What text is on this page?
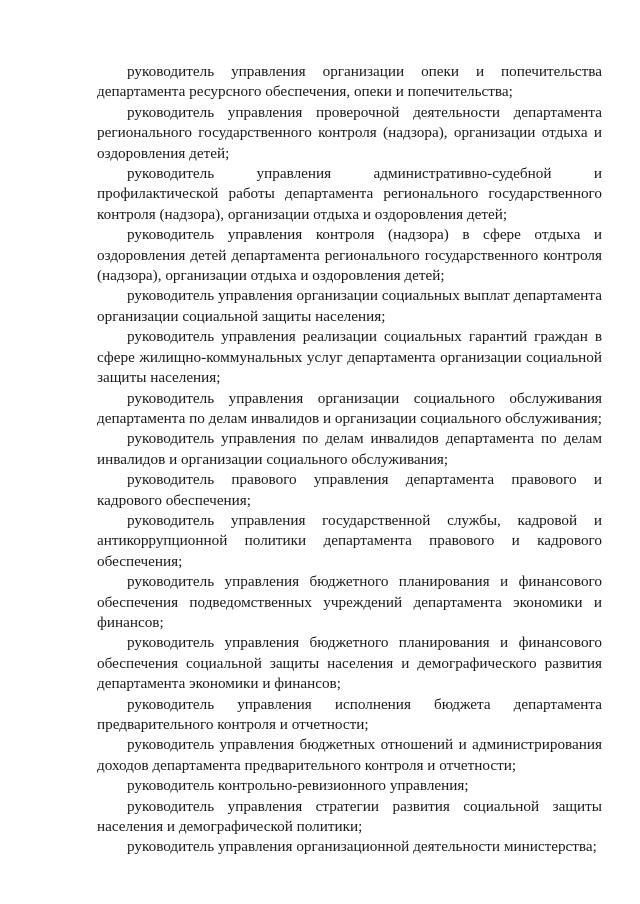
руководитель управления организации опеки и попечительства департамента ресурсного обеспечения, опеки и попечительства;

руководитель управления проверочной деятельности департамента регионального государственного контроля (надзора), организации отдыха и оздоровления детей;

руководитель управления административно-судебной и профилактической работы департамента регионального государственного контроля (надзора), организации отдыха и оздоровления детей;

руководитель управления контроля (надзора) в сфере отдыха и оздоровления детей департамента регионального государственного контроля (надзора), организации отдыха и оздоровления детей;

руководитель управления организации социальных выплат департамента организации социальной защиты населения;

руководитель управления реализации социальных гарантий граждан в сфере жилищно-коммунальных услуг департамента организации социальной защиты населения;

руководитель управления организации социального обслуживания департамента по делам инвалидов и организации социального обслуживания;

руководитель управления по делам инвалидов департамента по делам инвалидов и организации социального обслуживания;

руководитель правового управления департамента правового и кадрового обеспечения;

руководитель управления государственной службы, кадровой и антикоррупционной политики департамента правового и кадрового обеспечения;

руководитель управления бюджетного планирования и финансового обеспечения подведомственных учреждений департамента экономики и финансов;

руководитель управления бюджетного планирования и финансового обеспечения социальной защиты населения и демографического развития департамента экономики и финансов;

руководитель управления исполнения бюджета департамента предварительного контроля и отчетности;

руководитель управления бюджетных отношений и администрирования доходов департамента предварительного контроля и отчетности;

руководитель контрольно-ревизионного управления;

руководитель управления стратегии развития социальной защиты населения и демографической политики;

руководитель управления организационной деятельности министерства;
